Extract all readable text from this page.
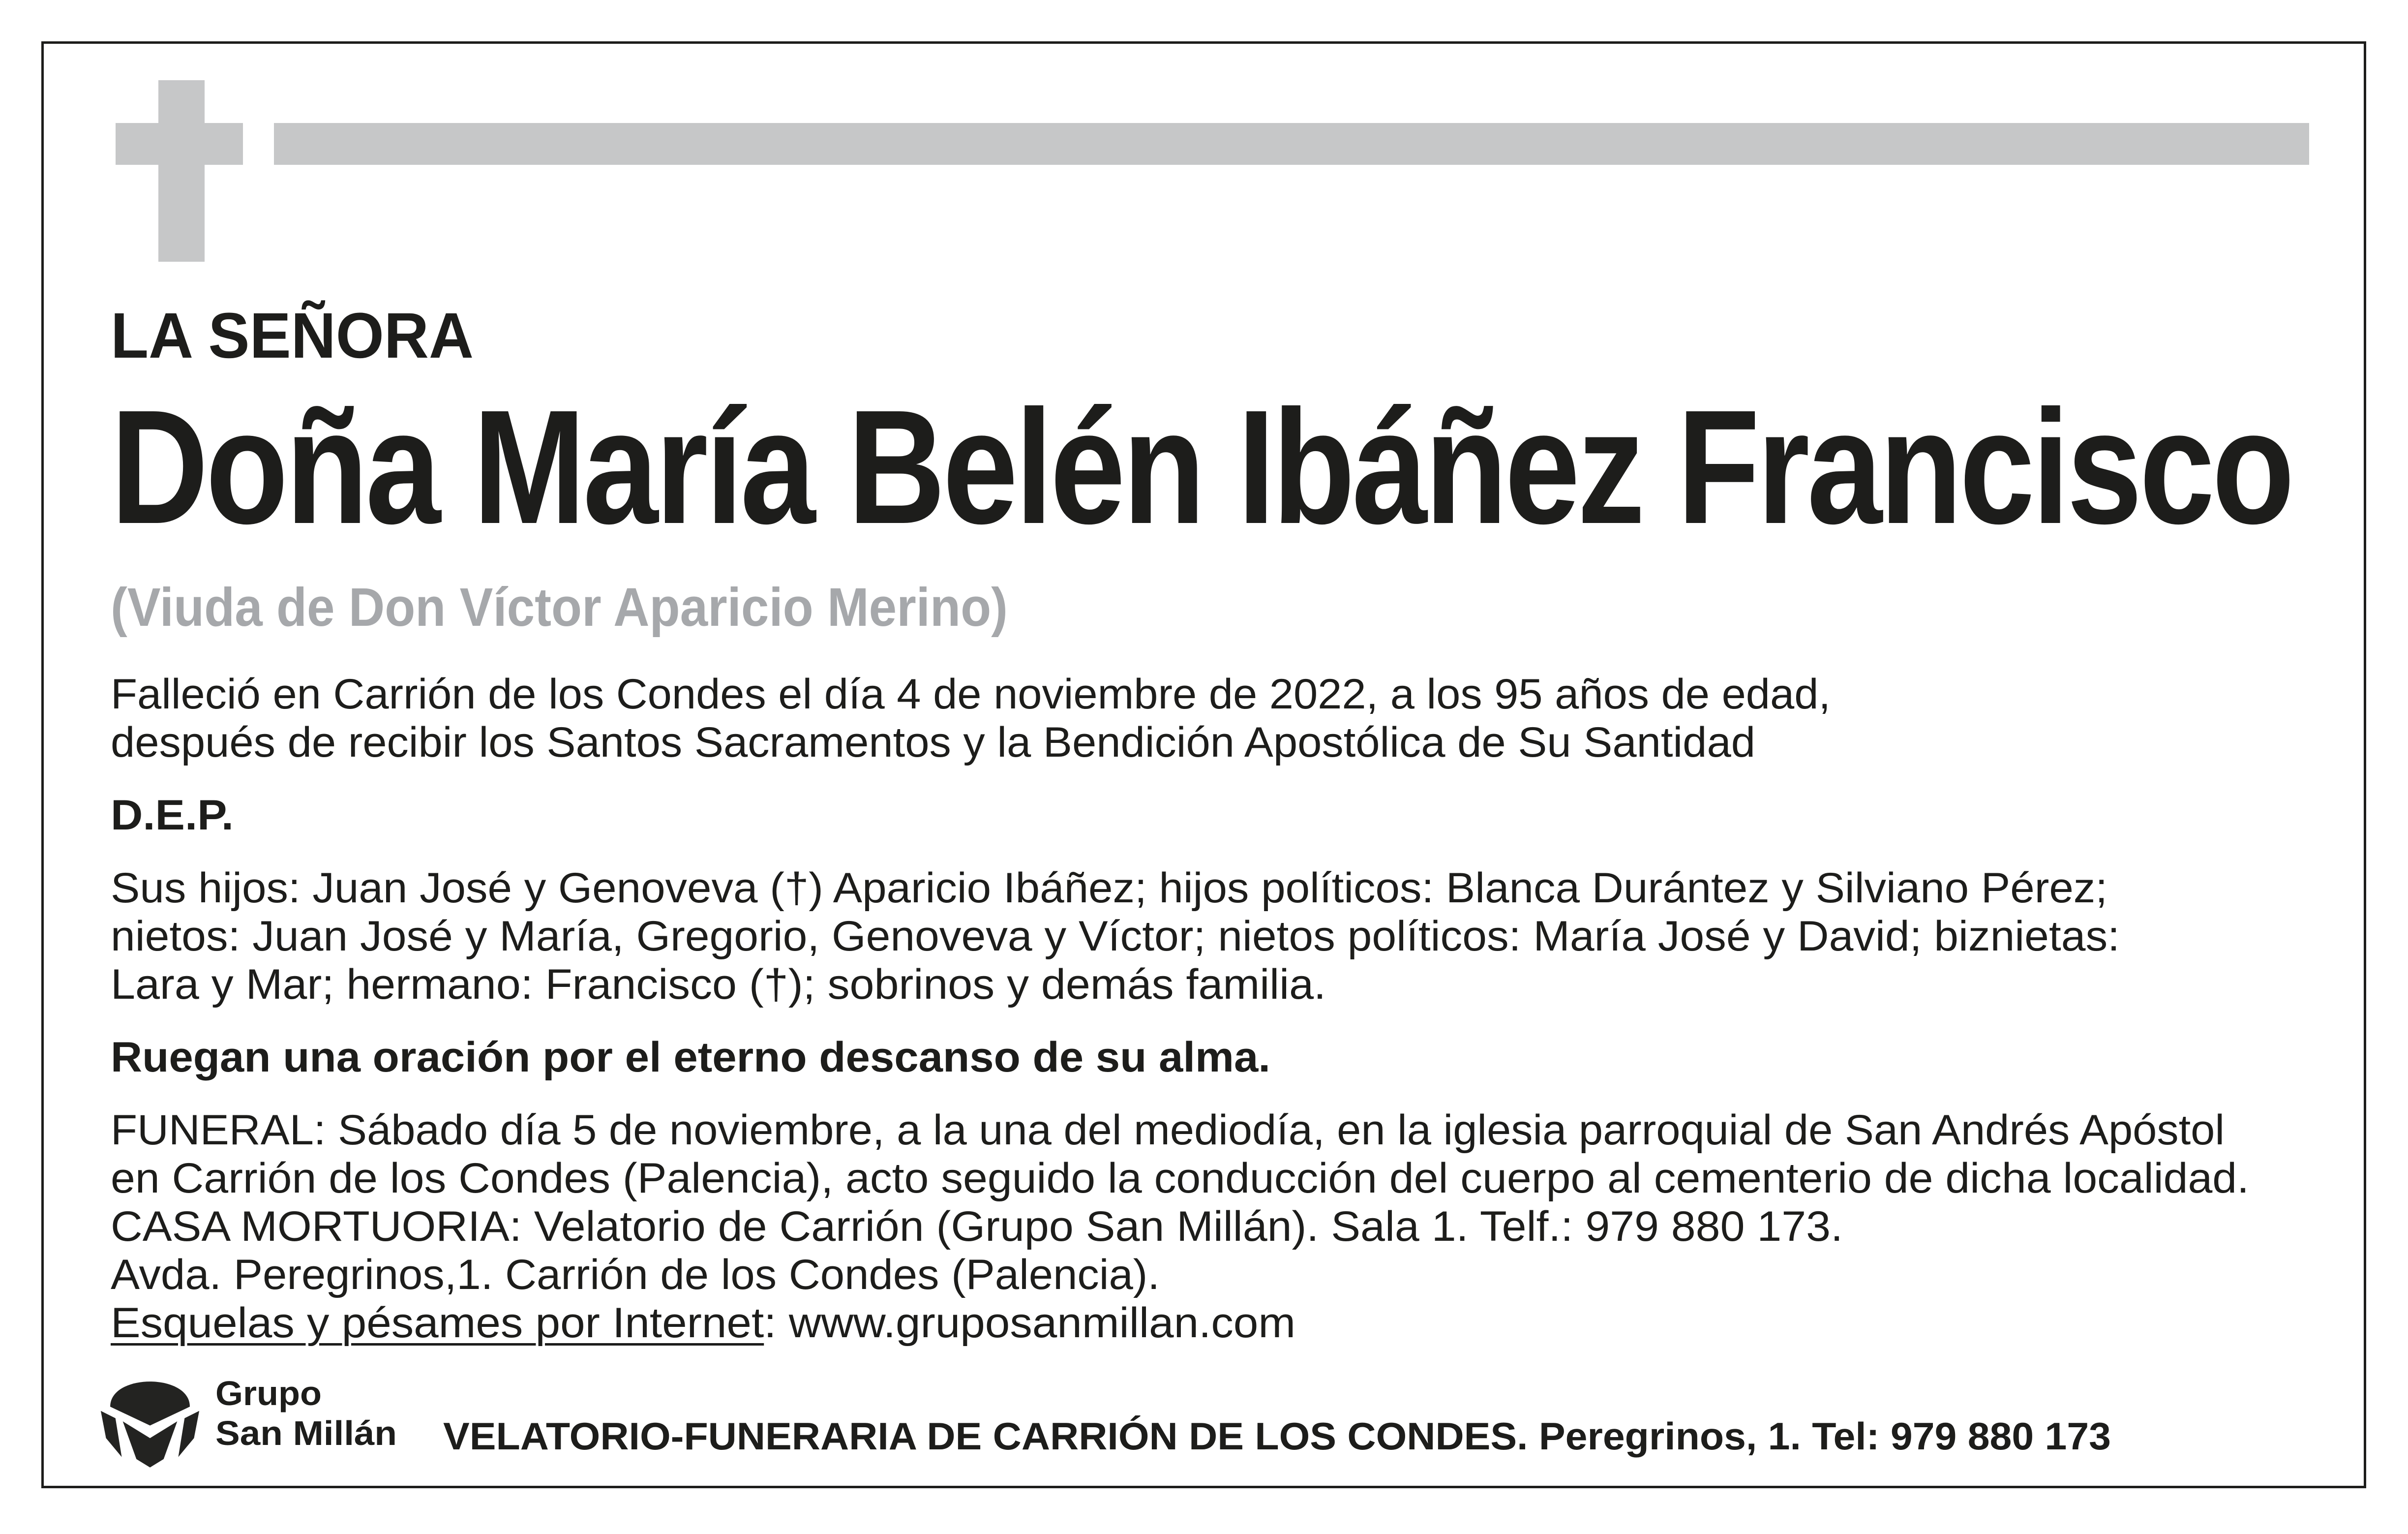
LA SEÑORA
Doña María Belén Ibáñez Francisco
(Viuda de Don Víctor Aparicio Merino)
Falleció en Carrión de los Condes el día 4 de noviembre de 2022, a los 95 años de edad,
después de recibir los Santos Sacramentos y la Bendición Apostólica de Su Santidad
D.E.P.
Sus hijos: Juan José y Genoveva (†) Aparicio Ibáñez; hijos políticos: Blanca Durántez y Silviano Pérez;
nietos: Juan José y María, Gregorio, Genoveva y Víctor; nietos políticos: María José y David; biznietas:
Lara y Mar; hermano: Francisco (†); sobrinos y demás familia.
Ruegan una oración por el eterno descanso de su alma.
FUNERAL: Sábado día 5 de noviembre, a la una del mediodía, en la iglesia parroquial de San Andrés Apóstol
en Carrión de los Condes (Palencia), acto seguido la conducción del cuerpo al cementerio de dicha localidad.
CASA MORTUORIA: Velatorio de Carrión (Grupo San Millán). Sala 1. Telf.: 979 880 173.
Avda. Peregrinos,1. Carrión de los Condes (Palencia).
Esquelas y pésames por Internet: www.gruposanmillan.com
Grupo
San Millán VELATORIO-FUNERARIA DE CARRIÓN DE LOS CONDES. Peregrinos, 1. Tel: 979 880 173
